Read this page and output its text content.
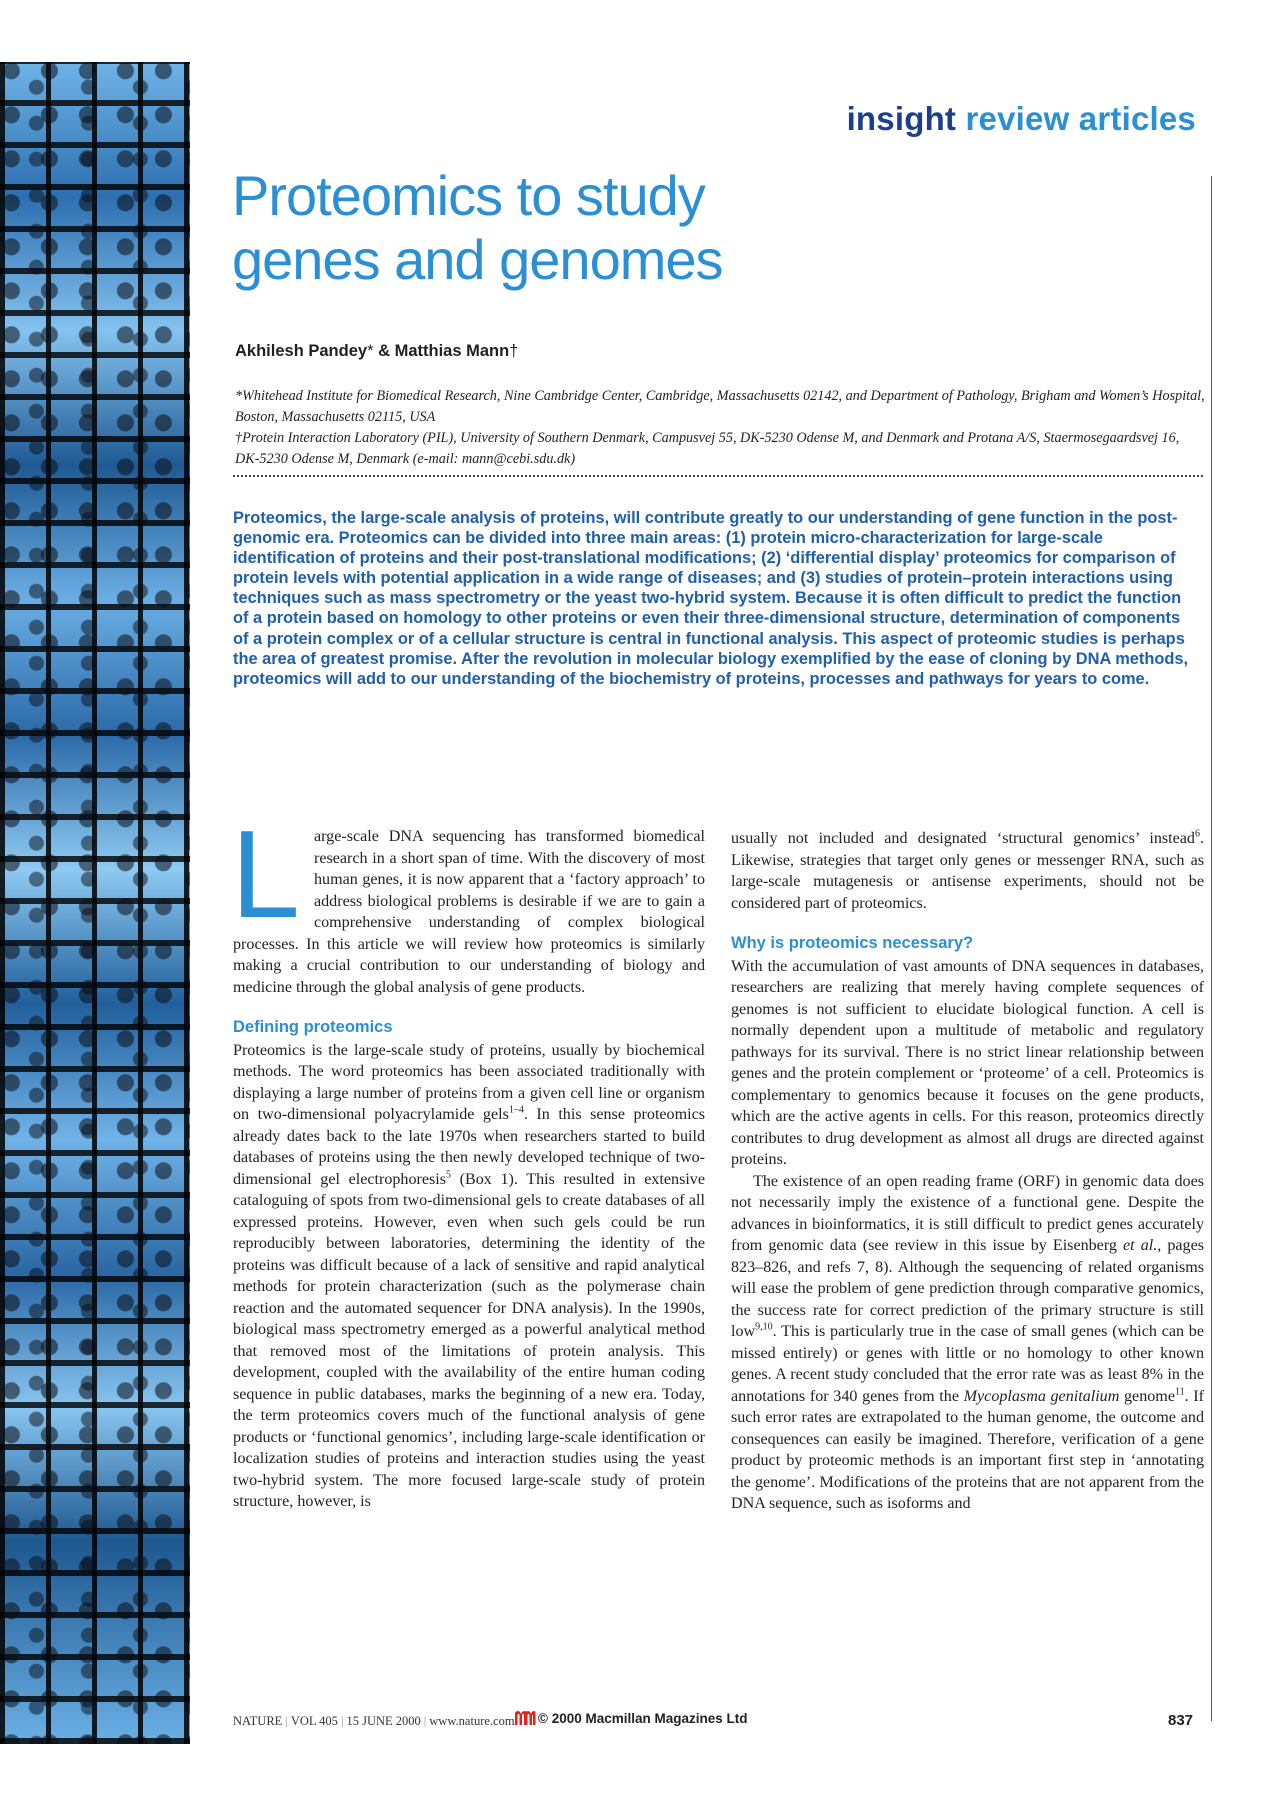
insight review articles
Proteomics to study
genes and genomes
Akhilesh Pandey* & Matthias Mann†

*Whitehead Institute for Biomedical Research, Nine Cambridge Center, Cambridge, Massachusetts 02142, and Department of Pathology, Brigham and Women’s Hospital, Boston, Massachusetts 02115, USA

†Protein Interaction Laboratory (PIL), University of Southern Denmark, Campusvej 55, DK-5230 Odense M, and Denmark and Protana A/S, Staermosegaardsvej 16, DK-5230 Odense M, Denmark (e-mail: mann@cebi.sdu.dk)

Proteomics, the large-scale analysis of proteins, will contribute greatly to our understanding of gene function in the post-genomic era. Proteomics can be divided into three main areas: (1) protein micro-characterization for large-scale identification of proteins and their post-translational modifications; (2) ‘differential display’ proteomics for comparison of protein levels with potential application in a wide range of diseases; and (3) studies of protein–protein interactions using techniques such as mass spectrometry or the yeast two-hybrid system. Because it is often difficult to predict the function of a protein based on homology to other proteins or even their three-dimensional structure, determination of components of a protein complex or of a cellular structure is central in functional analysis. This aspect of proteomic studies is perhaps the area of greatest promise. After the revolution in molecular biology exemplified by the ease of cloning by DNA methods, proteomics will add to our understanding of the biochemistry of proteins, processes and pathways for years to come.

Large-scale DNA sequencing has transformed biomedical research in a short span of time. With the discovery of most human genes, it is now apparent that a ‘factory approach’ to address biological problems is desirable if we are to gain a comprehensive understanding of complex biological processes. In this article we will review how proteomics is similarly making a crucial contribution to our understanding of biology and medicine through the global analysis of gene products.

Defining proteomics

Proteomics is the large-scale study of proteins, usually by biochemical methods. The word proteomics has been associated traditionally with displaying a large number of proteins from a given cell line or organism on two-dimensional polyacrylamide gels$^{1-4}$. In this sense proteomics already dates back to the late 1970s when researchers started to build databases of proteins using the then newly developed technique of two-dimensional gel electrophoresis$^5$ (Box 1). This resulted in extensive cataloguing of spots from two-dimensional gels to create databases of all expressed proteins. However, even when such gels could be run reproducibly between laboratories, determining the identity of the proteins was difficult because of a lack of sensitive and rapid analytical methods for protein characterization (such as the polymerase chain reaction and the automated sequencer for DNA analysis). In the 1990s, biological mass spectrometry emerged as a powerful analytical method that removed most of the limitations of protein analysis. This development, coupled with the availability of the entire human coding sequence in public databases, marks the beginning of a new era. Today, the term proteomics covers much of the functional analysis of gene products or ‘functional genomics’, including large-scale identification or localization studies of proteins and interaction studies using the yeast two-hybrid system. The more focused large-scale study of protein structure, however, is

usually not included and designated ‘structural genomics’ instead$^6$. Likewise, strategies that target only genes or messenger RNA, such as large-scale mutagenesis or antisense experiments, should not be considered part of proteomics.

Why is proteomics necessary?

With the accumulation of vast amounts of DNA sequences in databases, researchers are realizing that merely having complete sequences of genomes is not sufficient to elucidate biological function. A cell is normally dependent upon a multitude of metabolic and regulatory pathways for its survival. There is no strict linear relationship between genes and the protein complement or ‘proteome’ of a cell. Proteomics is complementary to genomics because it focuses on the gene products, which are the active agents in cells. For this reason, proteomics directly contributes to drug development as almost all drugs are directed against proteins.

The existence of an open reading frame (ORF) in genomic data does not necessarily imply the existence of a functional gene. Despite the advances in bioinformatics, it is still difficult to predict genes accurately from genomic data (see review in this issue by Eisenberg et al., pages 823–826, and refs 7, 8). Although the sequencing of related organisms will ease the problem of gene prediction through comparative genomics, the success rate for correct prediction of the primary structure is still low$^{9,10}$. This is particularly true in the case of small genes (which can be missed entirely) or genes with little or no homology to other known genes. A recent study concluded that the error rate was as least 8% in the annotations for 340 genes from the Mycoplasma genitalium genome$^{11}$. If such error rates are extrapolated to the human genome, the outcome and consequences can easily be imagined. Therefore, verification of a gene product by proteomic methods is an important first step in ‘annotating the genome’. Modifications of the proteins that are not apparent from the DNA sequence, such as isoforms and

NATURE | VOL 405 | 15 JUNE 2000 | www.nature.com © 2000 Macmillan Magazines Ltd	837
